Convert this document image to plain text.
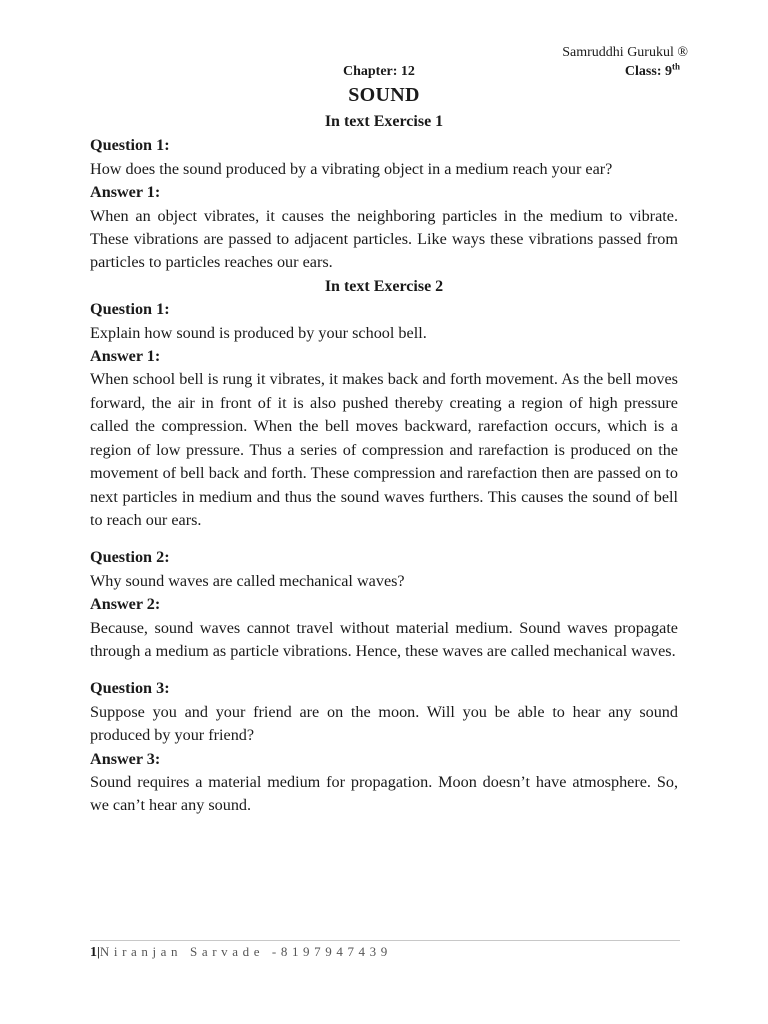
Samruddhi Gurukul ®
Chapter: 12	Class: 9th
SOUND

In text Exercise 1

Question 1:

How does the sound produced by a vibrating object in a medium reach your ear?

Answer 1:

When an object vibrates, it causes the neighboring particles in the medium to vibrate. These vibrations are passed to adjacent particles. Like ways these vibrations passed from particles to particles reaches our ears.

In text Exercise 2

Question 1:

Explain how sound is produced by your school bell.

Answer 1:

When school bell is rung it vibrates, it makes back and forth movement. As the bell moves forward, the air in front of it is also pushed thereby creating a region of high pressure called the compression. When the bell moves backward, rarefaction occurs, which is a region of low pressure. Thus a series of compression and rarefaction is produced on the movement of bell back and forth. These compression and rarefaction then are passed on to next particles in medium and thus the sound waves furthers. This causes the sound of bell to reach our ears.

Question 2:

Why sound waves are called mechanical waves?

Answer 2:

Because, sound waves cannot travel without material medium. Sound waves propagate through a medium as particle vibrations. Hence, these waves are called mechanical waves.

Question 3:

Suppose you and your friend are on the moon. Will you be able to hear any sound produced by your friend?

Answer 3:

Sound requires a material medium for propagation. Moon doesn’t have atmosphere. So, we can’t hear any sound.

1|Niranjan Sarvade -8197947439
